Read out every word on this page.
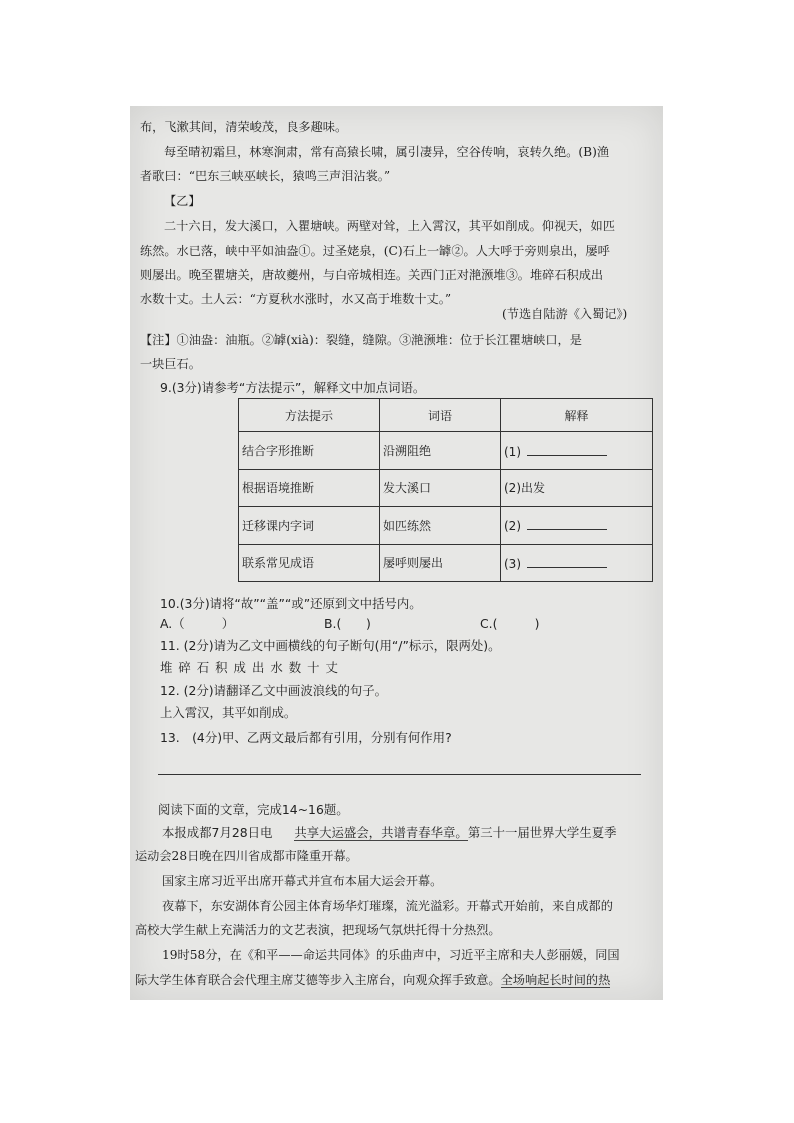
布，飞漱其间，清荣峻茂，良多趣味。
每至晴初霜旦，林寒涧肃，常有高猿长啸，属引凄异，空谷传响，哀转久绝。(B)渔
者歌曰：“巴东三峡巫峡长，猿鸣三声泪沾裳。”
【乙】
二十六日，发大溪口，入瞿塘峡。两壁对耸，上入霄汉，其平如削成。仰视天，如匹
练然。水已落，峡中平如油盎①。过圣姥泉，(C)石上一罅②。人大呼于旁则泉出，屡呼
则屡出。晚至瞿塘关，唐故夔州，与白帝城相连。关西门正对滟滪堆③。堆碎石积成出
水数十丈。土人云：“方夏秋水涨时，水又高于堆数十丈。”
(节选自陆游《入蜀记》)
【注】①油盎：油瓶。②罅(xià)：裂缝，缝隙。③滟滪堆：位于长江瞿塘峡口，是
一块巨石。
9.(3分)请参考“方法提示”，解释文中加点词语。
方法提示	词语	解释
结合字形推断	沿溯阻绝	(1)
根据语境推断	发大溪口	(2)出发
迁移课内字词	如匹练然	(2)
联系常见成语	屡呼则屡出	(3)
10.(3分)请将“故”“盖”“或”还原到文中括号内。
A.（　　　）	B.(　　)	C.(　　　)
11. (2分)请为乙文中画横线的句子断句(用“/”标示，限两处)。
堆碎石积成出水数十丈
12. (2分)请翻译乙文中画波浪线的句子。
上入霄汉，其平如削成。
13.　(4分)甲、乙两文最后都有引用，分别有何作用?
阅读下面的文章，完成14~16题。
本报成都7月28日电 共享大运盛会，共谱青春华章。第三十一届世界大学生夏季
运动会28日晚在四川省成都市隆重开幕。
国家主席习近平出席开幕式并宣布本届大运会开幕。
夜幕下，东安湖体育公园主体育场华灯璀璨，流光溢彩。开幕式开始前，来自成都的
高校大学生献上充满活力的文艺表演，把现场气氛烘托得十分热烈。
19时58分，在《和平——命运共同体》的乐曲声中，习近平主席和夫人彭丽媛，同国
际大学生体育联合会代理主席艾德等步入主席台，向观众挥手致意。全场响起长时间的热
